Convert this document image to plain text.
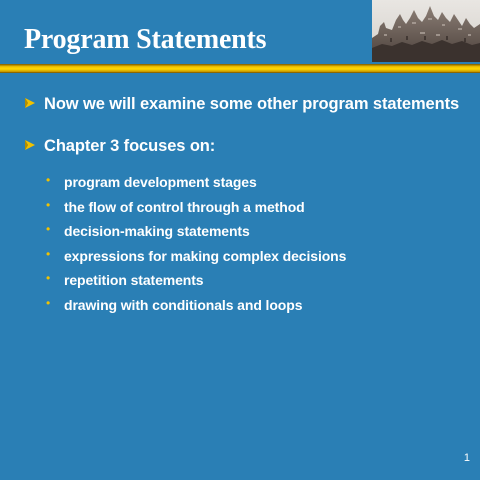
Program Statements
Now we will examine some other program statements
Chapter 3 focuses on:
• program development stages
• the flow of control through a method
• decision-making statements
• expressions for making complex decisions
• repetition statements
• drawing with conditionals and loops
1
